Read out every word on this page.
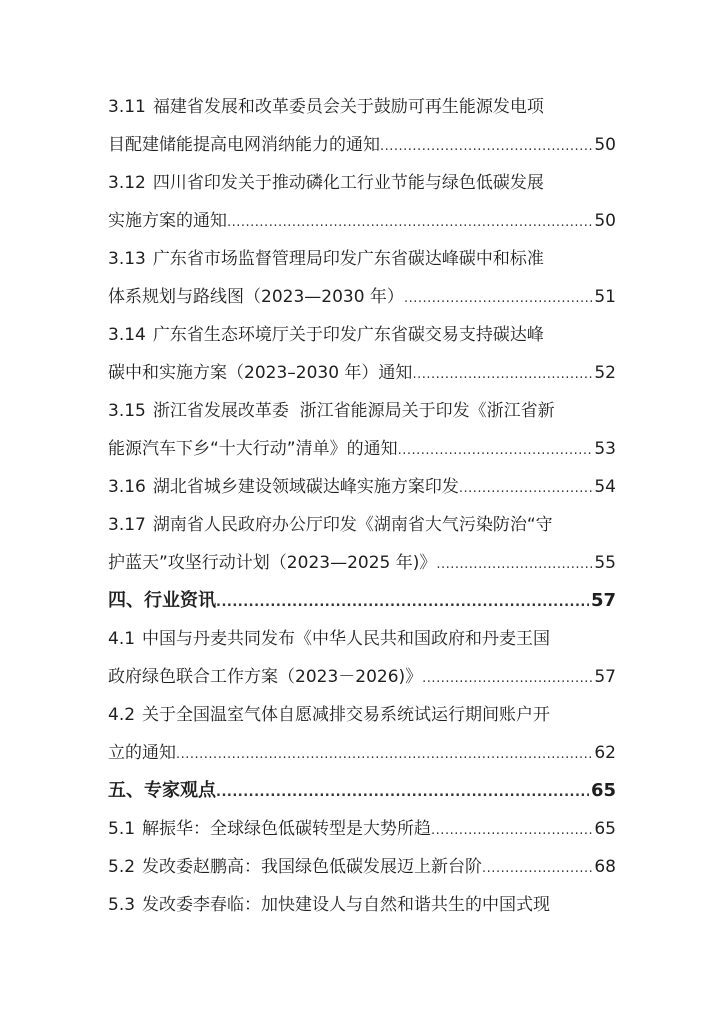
3.11 福建省发展和改革委员会关于鼓励可再生能源发电项
目配建储能提高电网消纳能力的通知 .....	50
3.12 四川省印发关于推动磷化工行业节能与绿色低碳发展
实施方案的通知 .....	50
3.13 广东省市场监督管理局印发广东省碳达峰碳中和标准
体系规划与路线图（2023—2030 年） .....	51
3.14 广东省生态环境厅关于印发广东省碳交易支持碳达峰
碳中和实施方案（2023–2030 年）通知 .....	52
3.15 浙江省发展改革委  浙江省能源局关于印发《浙江省新
能源汽车下乡“十大行动”清单》的通知 .....	53
3.16 湖北省城乡建设领域碳达峰实施方案印发 .....	54
3.17 湖南省人民政府办公厅印发《湖南省大气污染防治“守
护蓝天”攻坚行动计划（2023—2025 年)》 .....	55
四、行业资讯 .....	57
4.1 中国与丹麦共同发布《中华人民共和国政府和丹麦王国
政府绿色联合工作方案（2023－2026)》 .....	57
4.2 关于全国温室气体自愿减排交易系统试运行期间账户开
立的通知 .....	62
五、专家观点 .....	65
5.1 解振华：全球绿色低碳转型是大势所趋 .....	65
5.2 发改委赵鹏高：我国绿色低碳发展迈上新台阶 .....	68
5.3 发改委李春临：加快建设人与自然和谐共生的中国式现
